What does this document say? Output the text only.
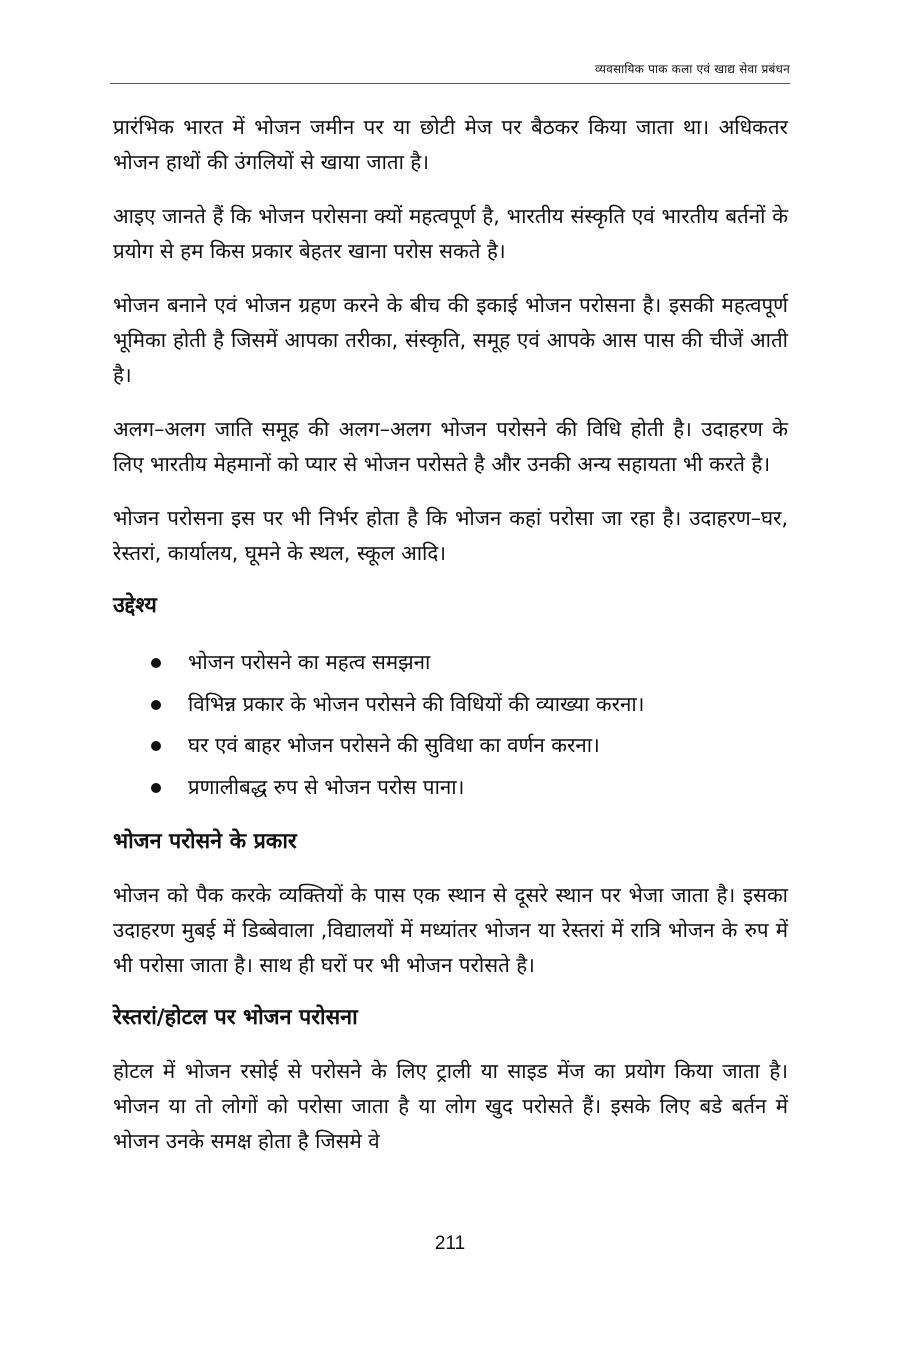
व्यवसायिक पाक कला एवं खाद्य सेवा प्रबंधन

प्रारंभिक भारत में भोजन जमीन पर या छोटी मेज पर बैठकर किया जाता था। अधिकतर भोजन हाथों की उंगलियों से खाया जाता है।

आइए जानते हैं कि भोजन परोसना क्यों महत्वपूर्ण है, भारतीय संस्कृति एवं भारतीय बर्तनों के प्रयोग से हम किस प्रकार बेहतर खाना परोस सकते है।

भोजन बनाने एवं भोजन ग्रहण करने के बीच की इकाई भोजन परोसना है। इसकी महत्वपूर्ण भूमिका होती है जिसमें आपका तरीका, संस्कृति, समूह एवं आपके आस पास की चीजें आती है।

अलग–अलग जाति समूह की अलग–अलग भोजन परोसने की विधि होती है। उदाहरण के लिए भारतीय मेहमानों को प्यार से भोजन परोसते है और उनकी अन्य सहायता भी करते है।

भोजन परोसना इस पर भी निर्भर होता है कि भोजन कहां परोसा जा रहा है। उदाहरण–घर, रेस्तरां, कार्यालय, घूमने के स्थल, स्कूल आदि।

उद्देश्य
भोजन परोसने का महत्व समझना
विभिन्न प्रकार के भोजन परोसने की विधियों की व्याख्या करना।
घर एवं बाहर भोजन परोसने की सुविधा का वर्णन करना।
प्रणालीबद्ध रुप से भोजन परोस पाना।
भोजन परोसने के प्रकार

भोजन को पैक करके व्यक्तियों के पास एक स्थान से दूसरे स्थान पर भेजा जाता है। इसका उदाहरण मुबई में डिब्बेवाला ,विद्यालयों में मध्यांतर भोजन या रेस्तरां में रात्रि भोजन के रुप में भी परोसा जाता है। साथ ही घरों पर भी भोजन परोसते है।

रेस्तरां/होटल पर भोजन परोसना

होटल में भोजन रसोई से परोसने के लिए ट्राली या साइड मेंज का प्रयोग किया जाता है। भोजन या तो लोगों को परोसा जाता है या लोग खुद परोसते हैं। इसके लिए बडे बर्तन में भोजन उनके समक्ष होता है जिसमे वे

211
